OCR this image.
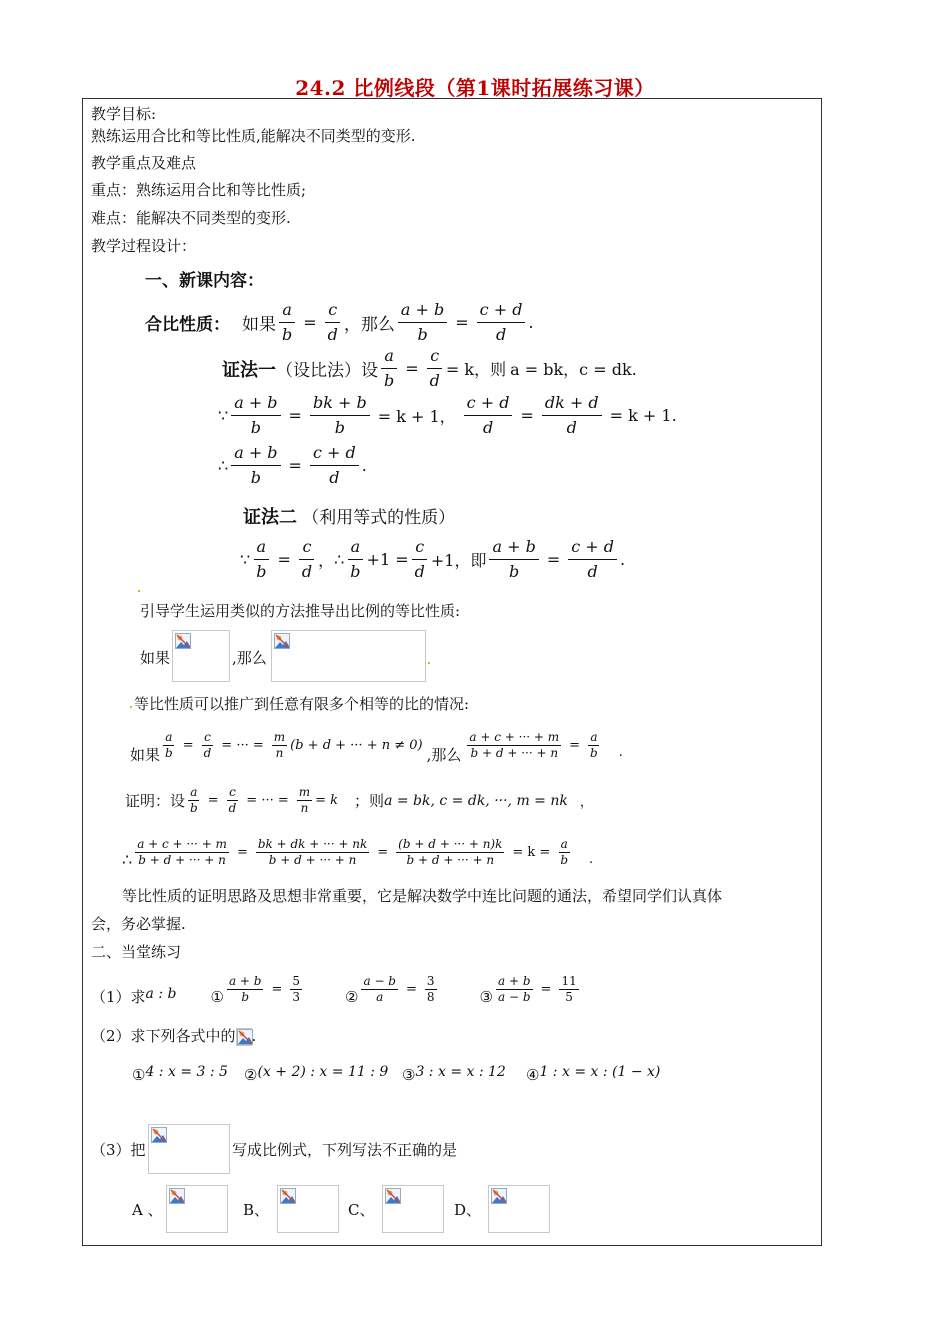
24.2 比例线段（第1课时拓展练习课）
教学目标:
熟练运用合比和等比性质,能解决不同类型的变形.
教学重点及难点
重点：熟练运用合比和等比性质;
难点：能解决不同类型的变形.
教学过程设计：
一、新课内容：
合比性质： 如果 $\frac{a}{b} = \frac{c}{d}$ ，那么 $\frac{a + b}{b} = \frac{c + d}{d}$ .
证法一 （设比法）设 $\frac{a}{b} = \frac{c}{d} = k$，则 a = bk，c = dk.
∵ $\frac{a + b}{b} = \frac{bk + b}{b} = k + 1$， $\frac{c + d}{d} = \frac{dk + d}{d} = k + 1$.
∴ $\frac{a + b}{b} = \frac{c + d}{d}$ .
证法二 （利用等式的性质）
∵ $\frac{a}{b} = \frac{c}{d}$ ， ∴ $\frac{a}{b} +1 = \frac{c}{d} +1$，即 $\frac{a + b}{b} = \frac{c + d}{d}$ .
引导学生运用类似的方法推导出比例的等比性质:
如果	,那么
等比性质可以推广到任意有限多个相等的比的情况:
如果 $\frac{a}{b} = \frac{c}{d}$ = ··· = $\frac{m}{n} (b + d$ + ··· + n ≠ 0)
,那么 $\frac{a + c + \cdot\cdot\cdot + m}{b + d + \cdot\cdot\cdot + n} = \frac{a}{b}$ .
证明：设 $\frac{a}{b} = \frac{c}{d}$ = ··· = $\frac{m}{n} = k$ ；则 a = bk, c = dk, ···, m = nk ，
∴ $\frac{a + c + \cdot\cdot\cdot + m}{b + d + \cdot\cdot\cdot + n} = \frac{bk + dk + \cdot\cdot\cdot + nk}{b + d + \cdot\cdot\cdot + n} = \frac{(b + d + \cdot\cdot\cdot + n)k}{b + d + \cdot\cdot\cdot + n} = k = \frac{a}{b}$ .
等比性质的证明思路及思想非常重要，它是解决数学中连比问题的通法，希望同学们认真体
会，务必掌握.
二、当堂练习
（1）求 a : b ① $\frac{a + b}{b} = \frac{5}{3}$	② $\frac{a - b}{a} = \frac{3}{8}$	③ $\frac{a + b}{a - b} = \frac{11}{5}$
（2）求下列各式中的 .
①4 : x = 3 : 5 ②(x + 2) : x = 11 : 9 ③3 : x = x : 12 ④1 : x = x : (1 − x)
（3）把	写成比例式，下列写法不正确的是
A 、	B、	C、	D、
